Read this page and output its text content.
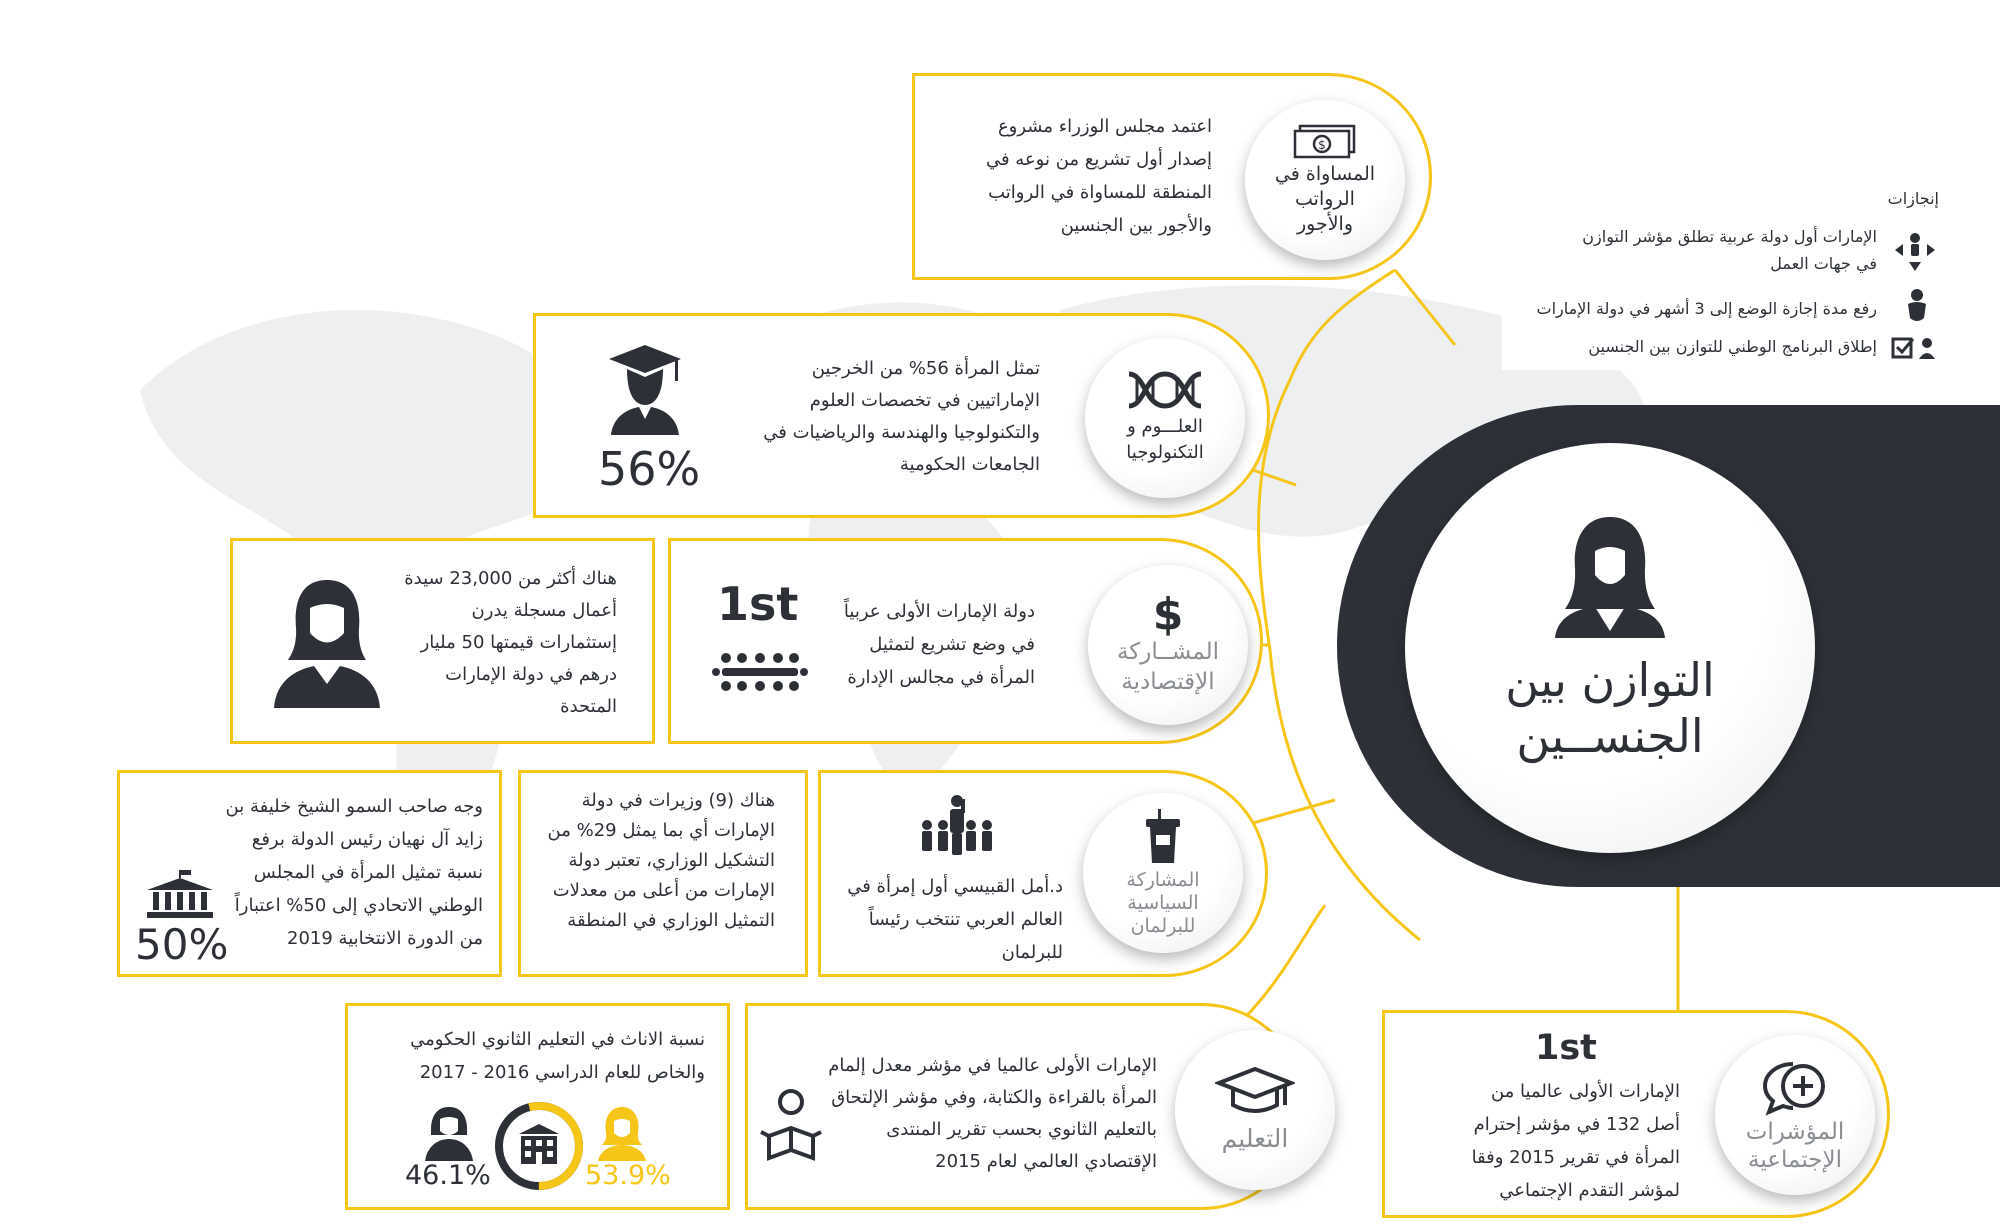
إنجازات
الإمارات أول دولة عربية تطلق مؤشر التوازن في جهات العمل
رفع مدة إجازة الوضع إلى 3 أشهر في دولة الإمارات
إطلاق البرنامج الوطني للتوازن بين الجنسين
التوازن بين
الجنســين
اعتمد مجلس الوزراء مشروع إصدار أول تشريع من نوعه في المنطقة للمساواة في الرواتب والأجور بين الجنسين
$
المساواة في الرواتب والأجور
56%
تمثل المرأة 56% من الخرجين الإماراتيين في تخصصات العلوم والتكنولوجيا والهندسة والرياضيات في الجامعات الحكومية
العلـــوم و
التكنولوجيا
هناك أكثر من 23,000 سيدة أعمال مسجلة يدرن إستثمارات قيمتها 50 مليار درهم في دولة الإمارات المتحدة
1st	دولة الإمارات الأولى عربياً في وضع تشريع لتمثيل المرأة في مجالس الإدارة
$
المشــاركة
الإقتصادية
50%
وجه صاحب السمو الشيخ خليفة بن زايد آل نهيان رئيس الدولة برفع نسبة تمثيل المرأة في المجلس الوطني الاتحادي إلى 50% اعتباراً من الدورة الانتخابية 2019
هناك (9) وزيرات في دولة الإمارات أي بما يمثل 29% من التشكيل الوزاري، تعتبر دولة الإمارات من أعلى من معدلات التمثيل الوزاري في المنطقة
د.أمل القبيسي أول إمرأة في العالم العربي تنتخب رئيساً للبرلمان
المشاركة
السياسية
للبرلمان
نسبة الاناث في التعليم الثانوي الحكومي
والخاص للعام الدراسي 2016 - 2017
46.1%	53.9%
الإمارات الأولى عالميا في مؤشر معدل إلمام المرأة بالقراءة والكتابة، وفي مؤشر الإلتحاق بالتعليم الثانوي بحسب تقرير المنتدى الإقتصادي العالمي لعام 2015
التعليم
1st
الإمارات الأولى عالميا من أصل 132 في مؤشر إحترام المرأة في تقرير 2015 وفقا لمؤشر التقدم الإجتماعي
المؤشرات
الإجتماعية
